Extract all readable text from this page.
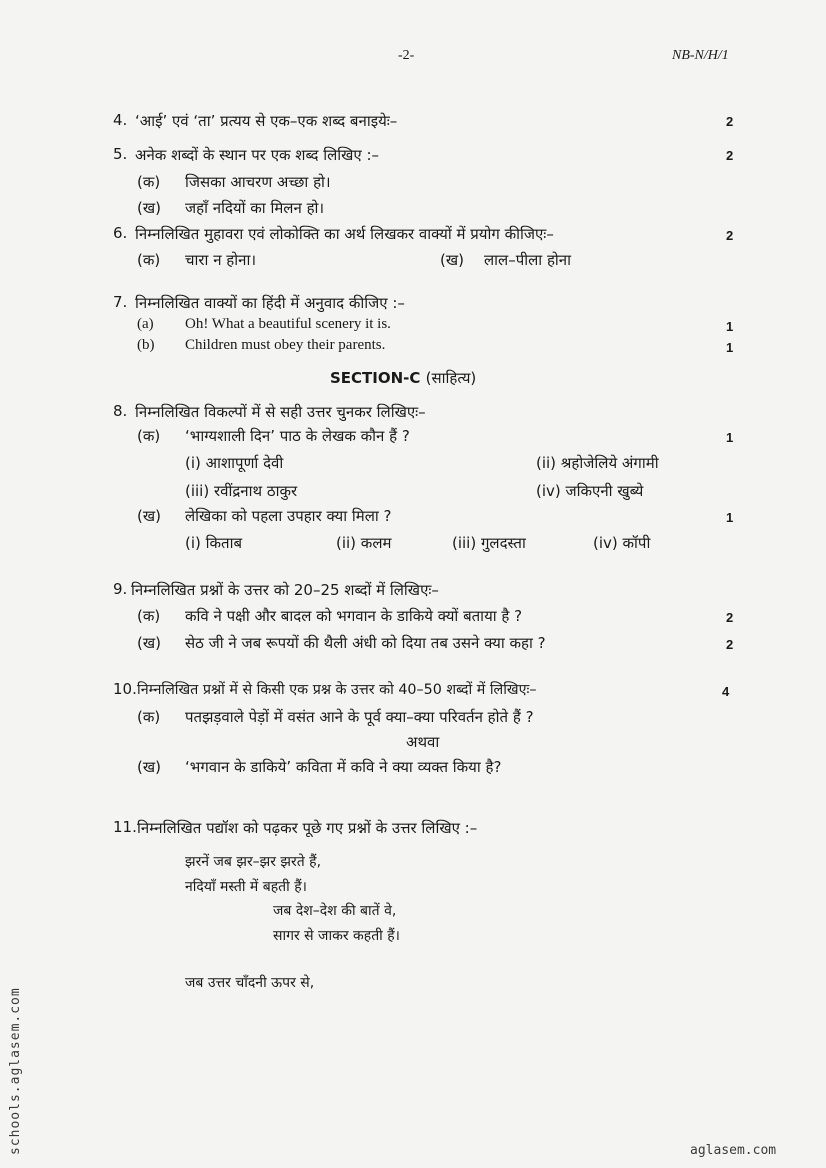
-2-	NB-N/H/1
4. ‘आई’ एवं ‘ता’ प्रत्यय से एक–एक शब्द बनाइयेः–	2
5. अनेक शब्दों के स्थान पर एक शब्द लिखिए :–	2
(क) जिसका आचरण अच्छा हो।
(ख) जहाँ नदियों का मिलन हो।
6. निम्नलिखित मुहावरा एवं लोकोक्ति का अर्थ लिखकर वाक्यों में प्रयोग कीजिएः–	2
(क) चारा न होना।	(ख) लाल–पीला होना
7. निम्नलिखित वाक्यों का हिंदी में अनुवाद कीजिए :–
(a) Oh! What a beautiful scenery it is.	1
(b) Children must obey their parents.	1
SECTION-C (साहित्य)
8. निम्नलिखित विकल्पों में से सही उत्तर चुनकर लिखिएः–
(क) ‘भाग्यशाली दिन’ पाठ के लेखक कौन हैं ?	1
(i) आशापूर्णा देवी	(ii) श्रहोजेलिये अंगामी
(iii) रवींद्रनाथ ठाकुर	(iv) जकिएनी खुब्ये
(ख) लेखिका को पहला उपहार क्या मिला ?	1
(i) किताब	(ii) कलम	(iii) गुलदस्ता	(iv) कॉपी
9. निम्नलिखित प्रश्नों के उत्तर को 20–25 शब्दों में लिखिएः–
(क) कवि ने पक्षी और बादल को भगवान के डाकिये क्यों बताया है ?	2
(ख) सेठ जी ने जब रूपयों की थैली अंधी को दिया तब उसने क्या कहा ?	2
10. निम्नलिखित प्रश्नों में से किसी एक प्रश्न के उत्तर को 40–50 शब्दों में लिखिएः–	4
(क) पतझड़वाले पेड़ों में वसंत आने के पूर्व क्या–क्या परिवर्तन होते हैं ?
अथवा
(ख) ‘भगवान के डाकिये’ कविता में कवि ने क्या व्यक्त किया है?
11. निम्नलिखित पद्यॉश को पढ़कर पूछे गए प्रश्नों के उत्तर लिखिए :–
झरनें जब झर–झर झरते हैं,
नदियाँ मस्ती में बहती हैं।
जब देश–देश की बातें वे,
सागर से जाकर कहती हैं।
जब उत्तर चाँदनी ऊपर से,
schools.aglasem.com	aglasem.com
